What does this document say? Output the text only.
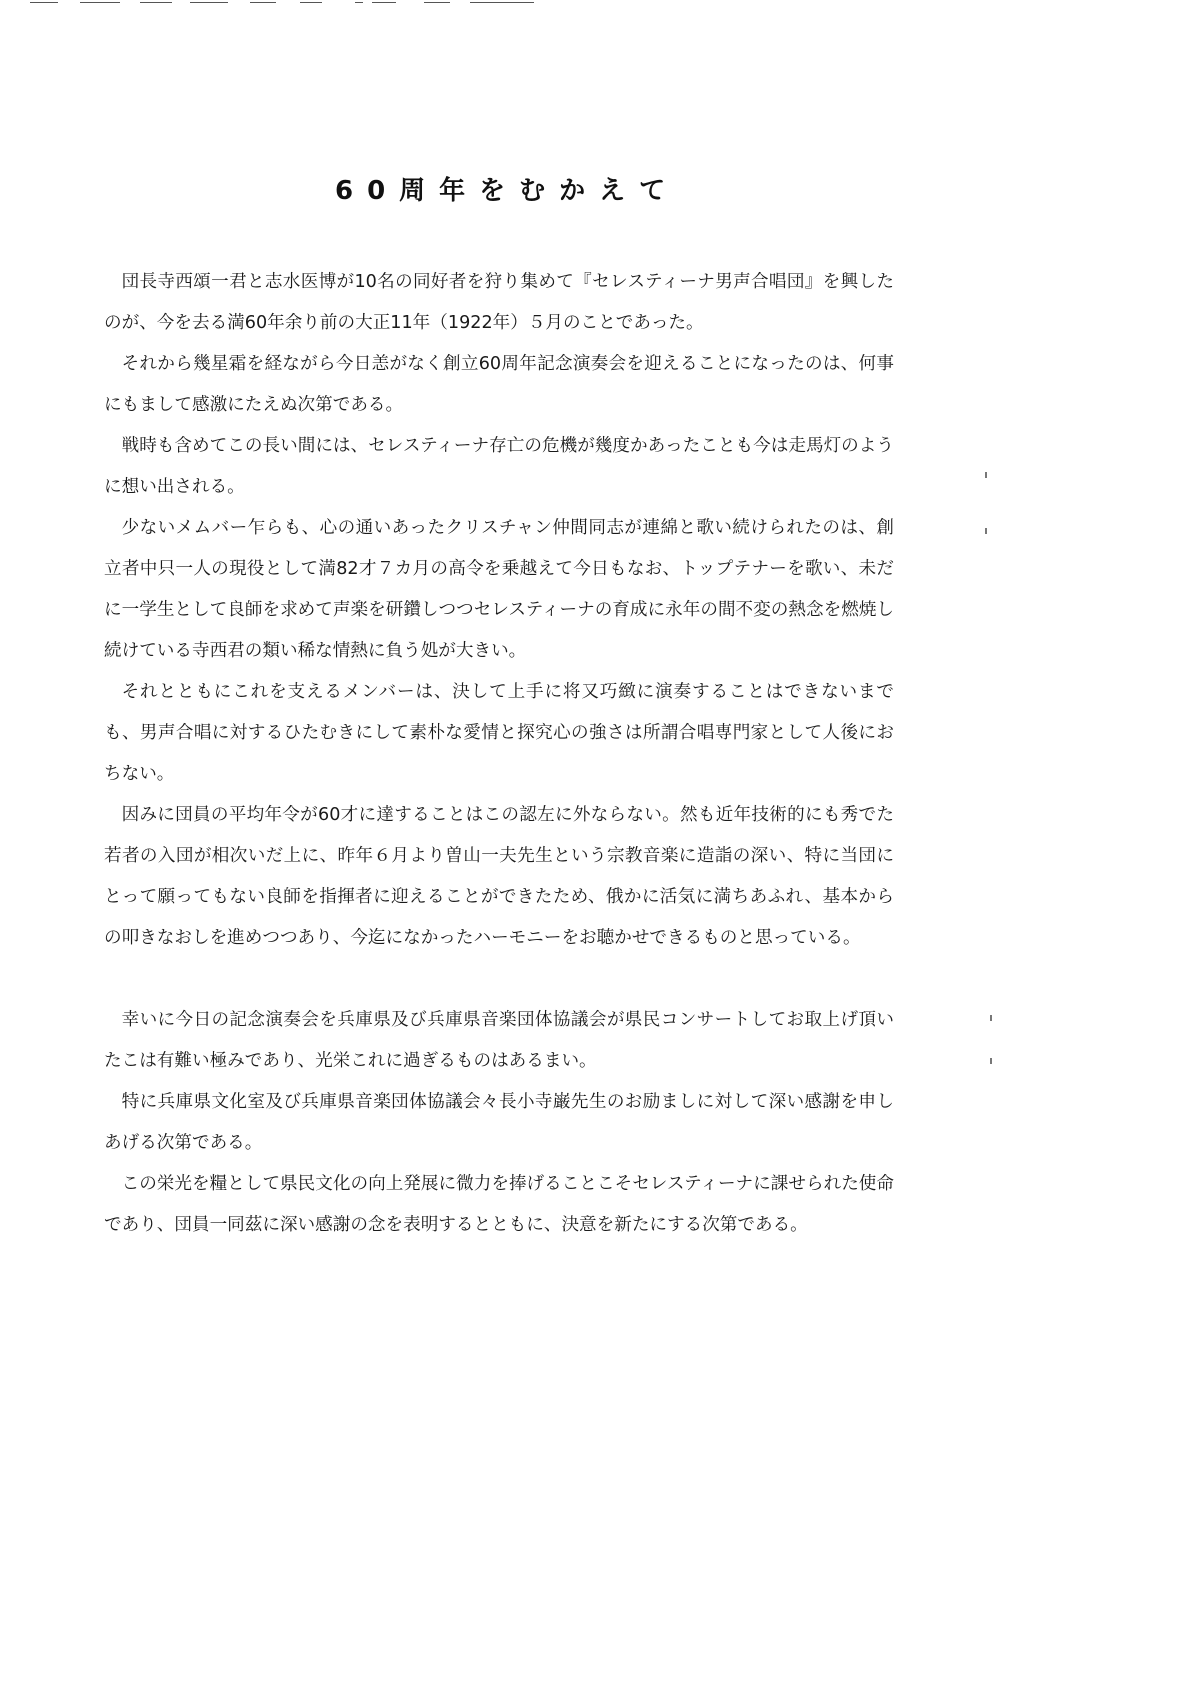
60周年をむかえて

団長寺西頌一君と志水医博が10名の同好者を狩り集めて『セレスティーナ男声合唱団』を興したのが、今を去る満60年余り前の大正11年（1922年）５月のことであった。

それから幾星霜を経ながら今日恙がなく創立60周年記念演奏会を迎えることになったのは、何事にもまして感激にたえぬ次第である。

戦時も含めてこの長い間には、セレスティーナ存亡の危機が幾度かあったことも今は走馬灯のように想い出される。

少ないメムバー乍らも、心の通いあったクリスチャン仲間同志が連綿と歌い続けられたのは、創立者中只一人の現役として満82才７カ月の高令を乗越えて今日もなお、トップテナーを歌い、未だに一学生として良師を求めて声楽を研鑽しつつセレスティーナの育成に永年の間不変の熱念を燃焼し続けている寺西君の類い稀な情熱に負う処が大きい。

それとともにこれを支えるメンバーは、決して上手に将又巧緻に演奏することはできないまでも、男声合唱に対するひたむきにして素朴な愛情と探究心の強さは所謂合唱専門家として人後におちない。

因みに団員の平均年令が60才に達することはこの認左に外ならない。然も近年技術的にも秀でた若者の入団が相次いだ上に、昨年６月より曽山一夫先生という宗教音楽に造詣の深い、特に当団にとって願ってもない良師を指揮者に迎えることができたため、俄かに活気に満ちあふれ、基本からの叩きなおしを進めつつあり、今迄になかったハーモニーをお聴かせできるものと思っている。

幸いに今日の記念演奏会を兵庫県及び兵庫県音楽団体協議会が県民コンサートしてお取上げ頂いたこは有難い極みであり、光栄これに過ぎるものはあるまい。

特に兵庫県文化室及び兵庫県音楽団体協議会々長小寺巌先生のお励ましに対して深い感謝を申しあげる次第である。

この栄光を糧として県民文化の向上発展に微力を捧げることこそセレスティーナに課せられた使命であり、団員一同茲に深い感謝の念を表明するとともに、決意を新たにする次第である。
